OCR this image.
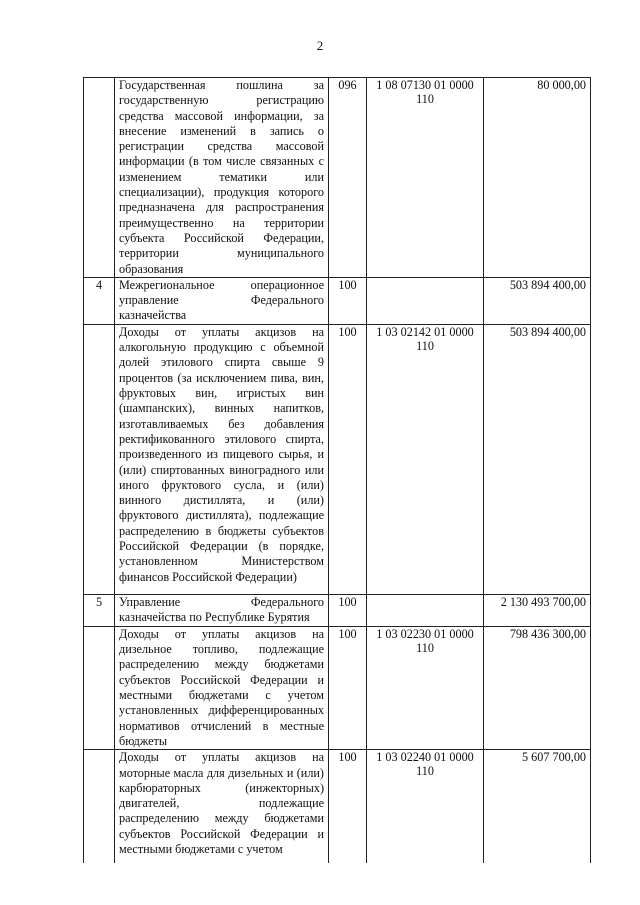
2
	Государственная пошлина за государственную регистрацию средства массовой информации, за внесение изменений в запись о регистрации средства массовой информации (в том числе связанных с изменением тематики или специализации), продукция которого предназначена для распространения преимущественно на территории субъекта Российской Федерации, территории муниципального образования	096	1 08 07130 01 0000 110	80 000,00
4	Межрегиональное операционное управление Федерального казначейства	100		503 894 400,00
	Доходы от уплаты акцизов на алкогольную продукцию с объемной долей этилового спирта свыше 9 процентов (за исключением пива, вин, фруктовых вин, игристых вин (шампанских), винных напитков, изготавливаемых без добавления ректификованного этилового спирта, произведенного из пищевого сырья, и (или) спиртованных виноградного или иного фруктового сусла, и (или) винного дистиллята, и (или) фруктового дистиллята), подлежащие распределению в бюджеты субъектов Российской Федерации (в порядке, установленном Министерством финансов Российской Федерации)	100	1 03 02142 01 0000 110	503 894 400,00
5	Управление Федерального казначейства по Республике Бурятия	100		2 130 493 700,00
	Доходы от уплаты акцизов на дизельное топливо, подлежащие распределению между бюджетами субъектов Российской Федерации и местными бюджетами с учетом установленных дифференцированных нормативов отчислений в местные бюджеты	100	1 03 02230 01 0000 110	798 436 300,00
	Доходы от уплаты акцизов на моторные масла для дизельных и (или) карбюраторных (инжекторных) двигателей, подлежащие распределению между бюджетами субъектов Российской Федерации и местными бюджетами с учетом	100	1 03 02240 01 0000 110	5 607 700,00
